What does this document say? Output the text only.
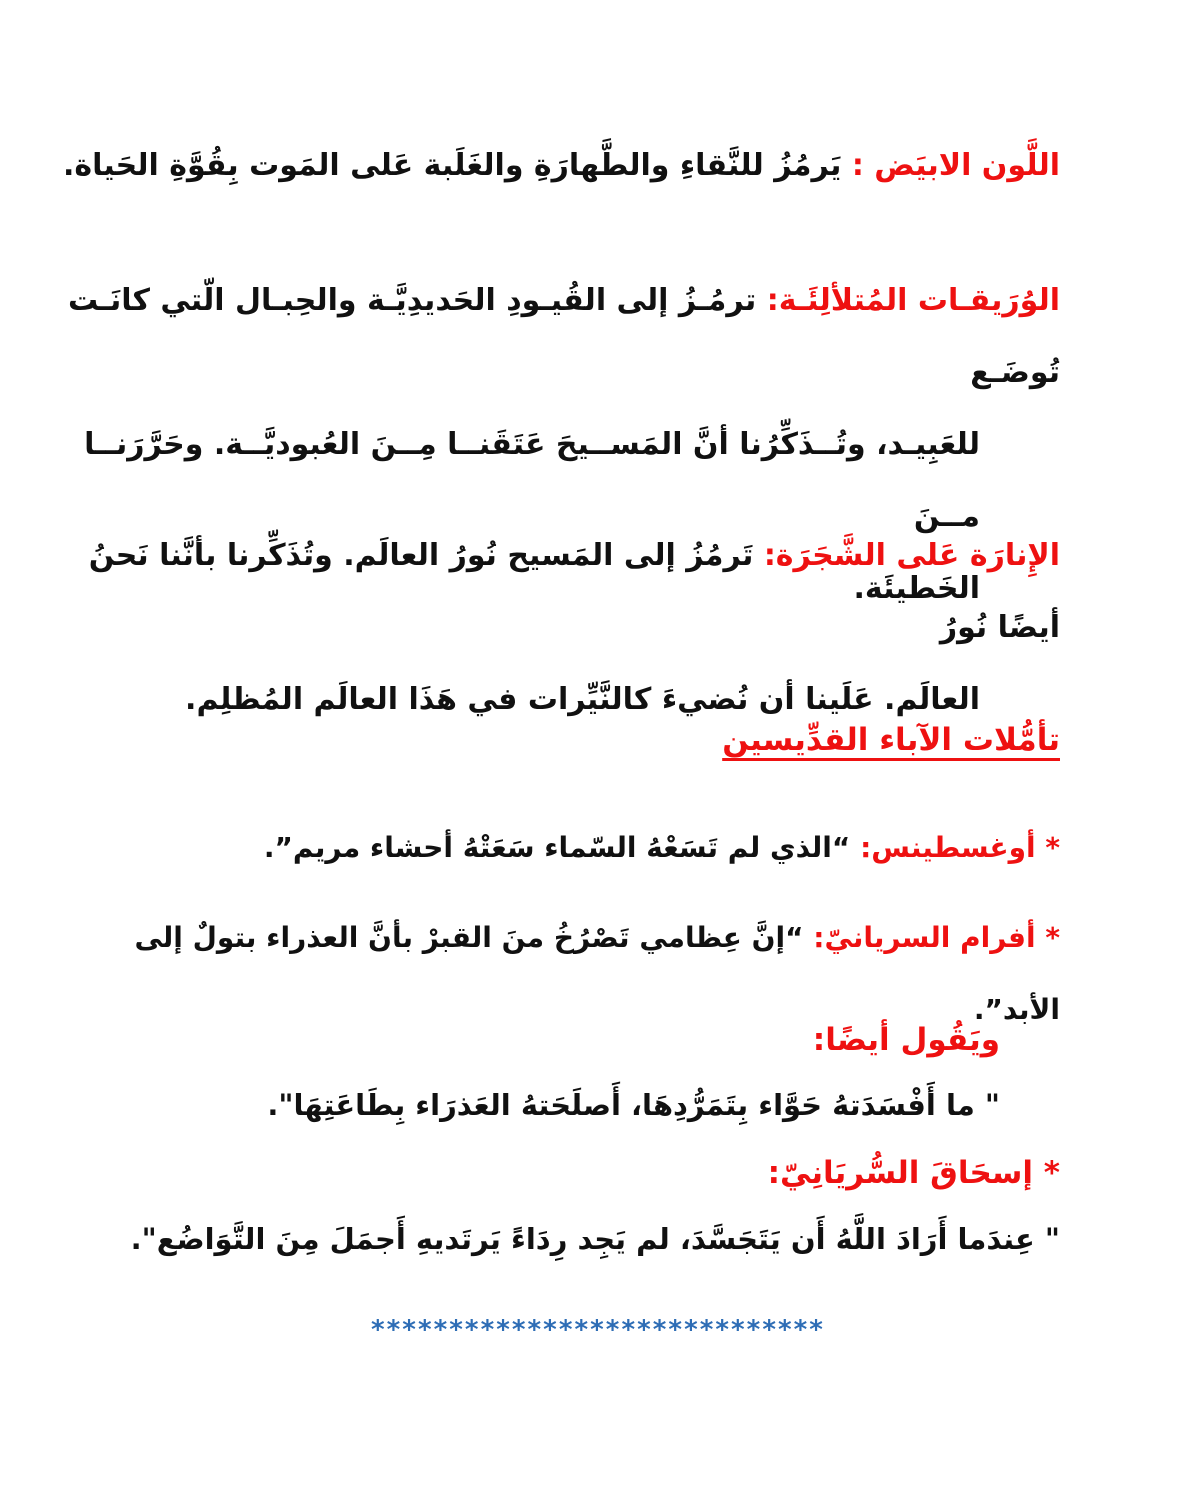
اللَّون الابيَض : يَرمُزُ للنَّقاءِ والطَّهارَةِ والغَلَبة عَلى المَوت بِقُوَّةِ الحَياة.
الوُرَيقـات المُتلألِئَـة: ترمُـزُ إلى القُيـودِ الحَديدِيَّـة والحِبـال الّتي كانَـت تُوضَـع
للعَبِيـد، وتُــذَكِّرُنا أنَّ المَســيحَ عَتَقَنــا مِــنَ العُبوديَّــة. وحَرَّرَنــا مــنَ
الخَطيئَة.
الإِنارَة عَلى الشَّجَرَة: تَرمُزُ إلى المَسيح نُورُ العالَم. وتُذَكِّرنا بأنَّنا نَحنُ أيضًا نُورُ
العالَم. عَلَينا أن نُضيءَ كالنَّيِّرات في هَذَا العالَم المُظلِم.
تأمُّلات الآباء القدِّيسين
* أوغسطينس: “الذي لم تَسَعْهُ السّماء سَعَتْهُ أحشاء مريم”.
* أفرام السريانيّ: “إنَّ عِظامي تَصْرُخُ منَ القبرْ بأنَّ العذراء بتولٌ إلى الأبد”.
ويَقُول أيضًا:
" ما أَفْسَدَتهُ حَوَّاء بِتَمَرُّدِهَا، أَصلَحَتهُ العَذرَاء بِطَاعَتِهَا".
* إسحَاقَ السُّريَانِيّ:
" عِندَما أَرَادَ اللَّهُ أَن يَتَجَسَّدَ، لم يَجِد رِدَاءً يَرتَديهِ أَجمَلَ مِنَ التَّوَاضُع".
*****************************
